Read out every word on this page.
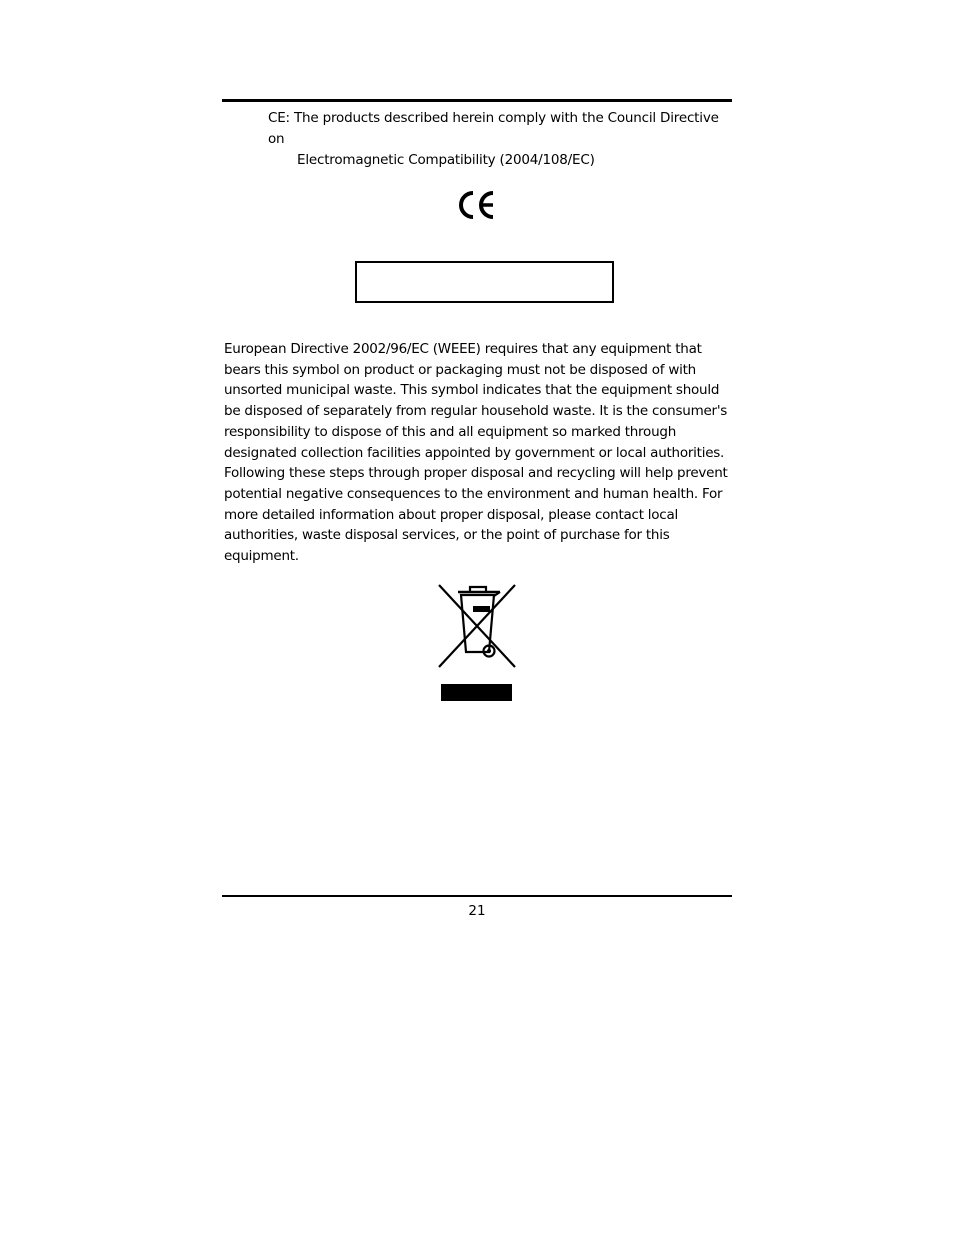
CE: The products described herein comply with the Council Directive on
Electromagnetic Compatibility (2004/108/EC)
European Directive 2002/96/EC (WEEE) requires that any equipment that bears this symbol on product or packaging must not be disposed of with unsorted municipal waste. This symbol indicates that the equipment should be disposed of separately from regular household waste. It is the consumer's responsibility to dispose of this and all equipment so marked through designated collection facilities appointed by government or local authorities. Following these steps through proper disposal and recycling will help prevent potential negative consequences to the environment and human health. For more detailed information about proper disposal, please contact local authorities, waste disposal services, or the point of purchase for this equipment.
21
